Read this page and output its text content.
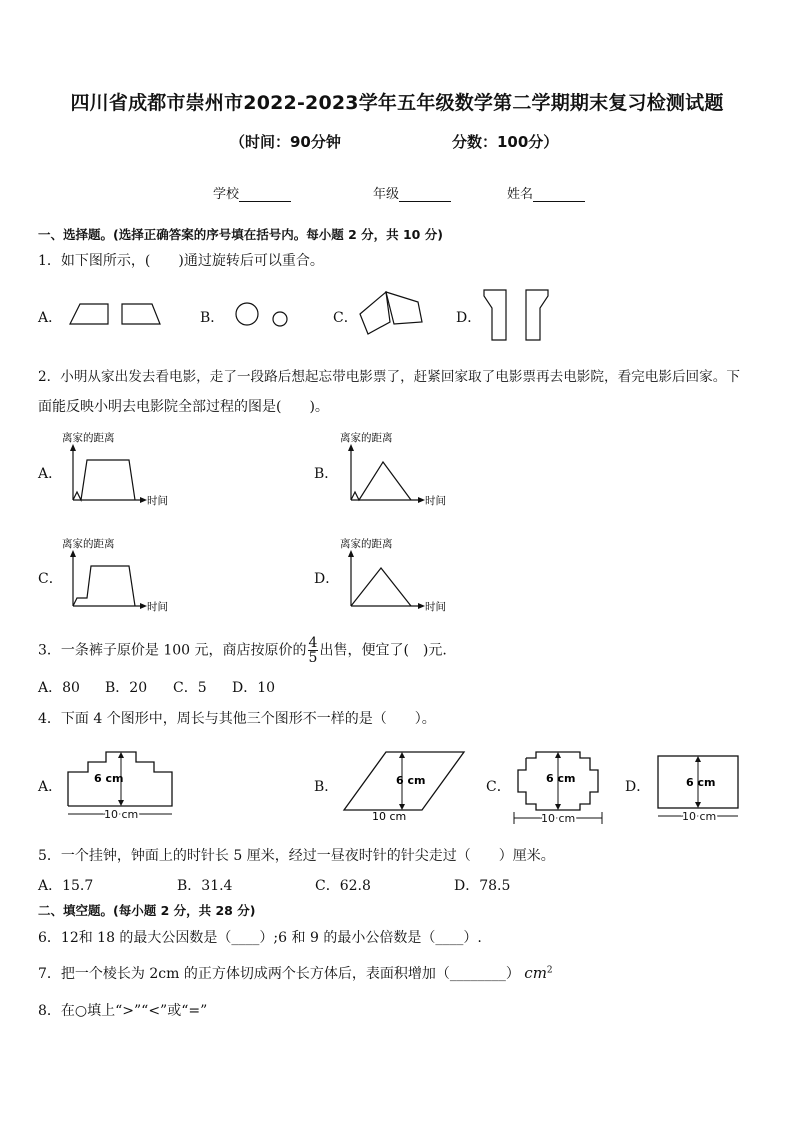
四川省成都市崇州市2022-2023学年五年级数学第二学期期末复习检测试题
（时间：90分钟	分数：100分）
学校	年级	姓名
一、选择题。(选择正确答案的序号填在括号内。每小题 2 分，共 10 分)
1．如下图所示，(　　)通过旋转后可以重合。
A．	B．	C．	D．
2．小明从家出发去看电影，走了一段路后想起忘带电影票了，赶紧回家取了电影票再去电影院，看完电影后回家。下
面能反映小明去电影院全部过程的图是(　　)。
A．	B．
C．	D．
离家的距离
时间
离家的距离
时间
离家的距离
时间
离家的距离
时间
3．一条裤子原价是 100 元，商店按原价的 $\frac{4}{5}$ 出售，便宜了(　)元.
A．80 B．20 C．5 D．10
4．下面 4 个图形中，周长与其他三个图形不一样的是（　　）。
A．	B．	C．	D．
6 cm
10 cm
6 cm
10 cm
6 cm
10 cm
6 cm
10 cm
5．一个挂钟，钟面上的时针长 5 厘米，经过一昼夜时针的针尖走过（　　）厘米。
A．15.7	B．31.4	C．62.8	D．78.5
二、填空题。(每小题 2 分，共 28 分)
6．12和 18 的最大公因数是（____）;6 和 9 的最小公倍数是（____）.
7．把一个棱长为 2cm 的正方体切成两个长方体后，表面积增加（________） $cm^2$
8．在○填上“>”“<”或“=”
